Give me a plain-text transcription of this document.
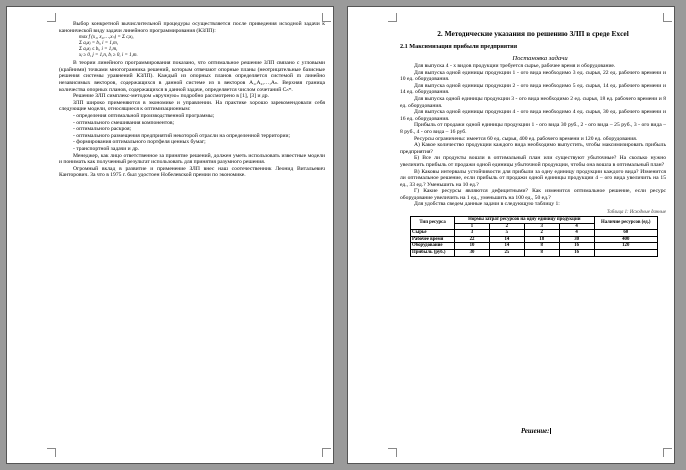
Выбор конкретной вычислительной процедуры осуществляется после приведения исходной задачи к канонической виду задачи линейного программирования (КЗЛП):

max f (x₁, x₂,…,xₙ) = Σ cⱼxⱼ,
Σ aᵢⱼxⱼ = bᵢ, i = 1,m,
Σ aᵢⱼxⱼ ≤ bᵢ, i = 1,m,
xⱼ ≥ 0, j = 1,n, bᵢ ≥ 0, i = 1,m.

В теории линейного программирования показано, что оптимальное решение ЗЛП связано с угловыми (крайними) точками многогранника решений, которым отвечают опорные планы (неотрицательные базисные решения системы уравнений КЗЛП). Каждый из опорных планов определяется системой m линейно независимых векторов, содержащихся в данной системе из n векторов A₁,A₂,…,Aₙ. Верхняя граница количества опорных планов, содержащихся в данной задаче, определяется числом сочетаний Cₙᵐ.

Решение ЗЛП симплекс-методом «вручную» подробно рассмотрено в [1], [3] и др.

ЗЛП широко применяются в экономике и управлении. На практике хорошо зарекомендовали себя следующие модели, относящиеся к оптимизационным:

- определения оптимальной производственной программы;
- оптимального смешивания компонентов;
- оптимального раскроя;
- оптимального размещения предприятий некоторой отрасли на определенной территории;
- формирования оптимального портфеля ценных бумаг;
- транспортной задачи и др.

Менеджер, как лицо ответственное за принятие решений, должен уметь использовать известные модели и понимать как полученный результат использовать для принятия разумного решения.

Огромный вклад в развитие и применение ЗЛП внес наш соотечественник Леонид Витальевич Канторович. За что в 1975 г. был удостоен Нобелевской премии по экономике.

2. Методические указания по решению ЗЛП в среде Excel
2.1 Максимизация прибыли предприятия

Постановка задачи

Для выпуска 4 - x видов продукции требуется сырье, рабочее время и оборудование.

Для выпуска одной единицы продукции 1 - ого вида необходимо 3 ед. сырья, 22 ед. рабочего времени и 10 ед. оборудования.

Для выпуска одной единицы продукции 2 - ого вида необходимо 5 ед. сырья, 14 ед. рабочего времени и 14 ед. оборудования.

Для выпуска одной единицы продукции 3 - ого вида необходимо 2 ед. сырья, 18 ед. рабочего времени и 8 ед. оборудования.

Для выпуска одной единицы продукции 4 - ого вида необходимо 4 ед. сырья, 30 ед. рабочего времени и 16 ед. оборудования.

Прибыль от продажи одной единицы продукции 1 - ого вида 30 руб., 2 - ого вида – 25 руб., 3 - ого вида – 8 руб., 4 - ого вида – 16 руб.

Ресурсы ограничены: имеется 60 ед. сырья, 400 ед. рабочего времени и 120 ед. оборудования.

А) Какое количество продукции каждого вида необходимо выпустить, чтобы максимизировать прибыль предприятия?

Б) Все ли продукты вошли в оптимальный план или существуют убыточные? На сколько нужно увеличить прибыль от продажи одной единицы убыточной продукции, чтобы она вошла в оптимальный план?

В) Каковы интервалы устойчивости для прибыли за одну единицу продукции каждого вида? Изменится ли оптимальное решение, если прибыль от продажи одной единицы продукции 4 – ого вида увеличить на 15 ед., 33 ед.? Уменьшить на 10 ед.?

Г) Какие ресурсы являются дефицитными? Как изменится оптимальное решение, если ресурс оборудование увеличить на 1 ед., уменьшить на 100 ед., 50 ед.?

Для удобства сведем данные задачи в следующую таблицу 1:

Таблица 1: Исходные данные
Тип ресурса	Нормы затрат ресурсов на одну единицу продукции				Наличие ресурсов (ед.)
	1	2	3	4	
Сырье	3	5	2	4	60
Рабочее время	22	14	18	30	400
Оборудование	10	14	8	16	120
Прибыль (руб.)	30	25	8	16	
Решение:
